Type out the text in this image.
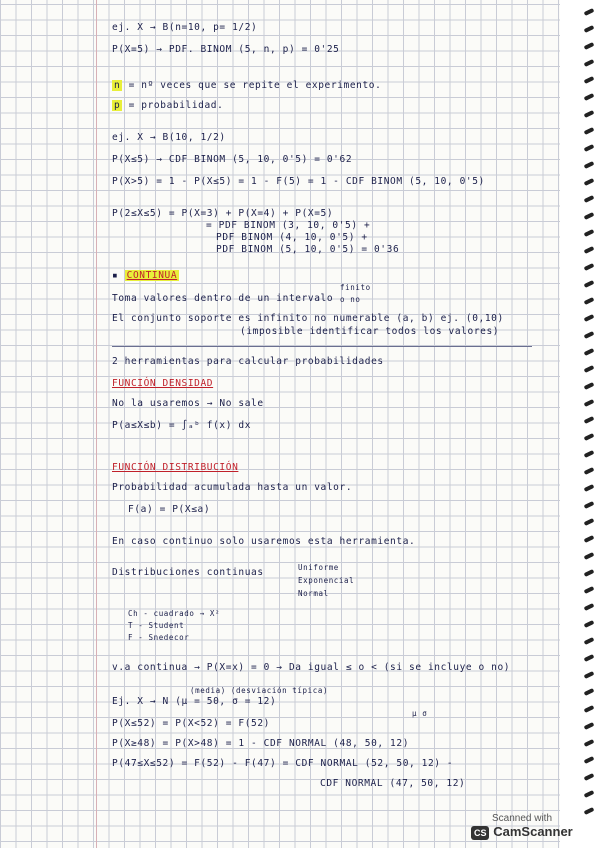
ej. X → B(n=10, p= 1/2)
P(X=5) → PDF. BINOM (5, n, p) = 0'25
n = nº veces que se repite el experimento.
p = probabilidad.
ej. X → B(10, 1/2)
P(X≤5) → CDF BINOM (5, 10, 0'5) = 0'62
P(X>5) = 1 - P(X≤5) = 1 - F(5) = 1 - CDF BINOM (5, 10, 0'5)
P(2≤X≤5) = P(X=3) + P(X=4) + P(X=5)
= PDF BINOM (3, 10, 0'5) +
PDF BINOM (4, 10, 0'5) +
PDF BINOM (5, 10, 0'5) = 0'36
▪ CONTINUA
Toma valores dentro de un intervalo
finito
o no
El conjunto soporte es infinito no numerable (a, b) ej. (0,10)
(imposible identificar todos los valores)
2 herramientas para calcular probabilidades
FUNCIÓN DENSIDAD
No la usaremos → No sale
P(a≤X≤b) = ∫ₐᵇ f(x) dx
FUNCIÓN DISTRIBUCIÓN
Probabilidad acumulada hasta un valor.
F(a) = P(X≤a)
En caso continuo solo usaremos esta herramienta.
Distribuciones continuas	Uniforme
Exponencial
Normal
Ch - cuadrado → X²
T - Student
F - Snedecor
v.a continua → P(X=x) = 0 → Da igual ≤ o < (si se incluye o no)
(media) (desviación típica)
Ej. X → N (μ = 50, σ = 12)
μ σ
P(X≤52) = P(X<52) = F(52)
P(X≥48) = P(X>48) = 1 - CDF NORMAL (48, 50, 12)
P(47≤X≤52) = F(52) - F(47) = CDF NORMAL (52, 50, 12) -
CDF NORMAL (47, 50, 12)
Scanned with
CS CamScanner
